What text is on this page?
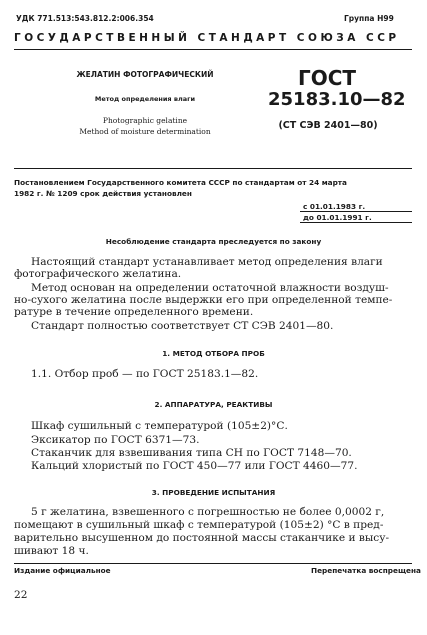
УДК 771.513:543.812.2:006.354	Группа Н99
ГОСУДАРСТВЕННЫЙ СТАНДАРТ СОЮЗА ССР
ЖЕЛАТИН ФОТОГРАФИЧЕСКИЙ
Метод определения влаги
Photographic gelatine
Method of moisture determination
ГОСТ
25183.10—82
(СТ СЭВ 2401—80)
Постановлением Государственного комитета СССР по стандартам от 24 марта
1982 г. № 1209 срок действия установлен
с 01.01.1983 г.
до 01.01.1991 г.
Несоблюдение стандарта преследуется по закону
Настоящий стандарт устанавливает метод определения влаги
фотографического желатина.
Метод основан на определении остаточной влажности воздуш-
но-сухого желатина после выдержки его при определенной темпе-
ратуре в течение определенного времени.
Стандарт полностью соответствует СТ СЭВ 2401—80.
1. МЕТОД ОТБОРА ПРОБ
1.1. Отбор проб — по ГОСТ 25183.1—82.
2. АППАРАТУРА, РЕАКТИВЫ
Шкаф сушильный с температурой (105±2)°С.
Эксикатор по ГОСТ 6371—73.
Стаканчик для взвешивания типа СН по ГОСТ 7148—70.
Кальций хлористый по ГОСТ 450—77 или ГОСТ 4460—77.
3. ПРОВЕДЕНИЕ ИСПЫТАНИЯ
5 г желатина, взвешенного с погрешностью не более 0,0002 г,
помещают в сушильный шкаф с температурой (105±2) °С в пред-
варительно высушенном до постоянной массы стаканчике и высу-
шивают 18 ч.
Издание официальное	Перепечатка воспрещена
22
